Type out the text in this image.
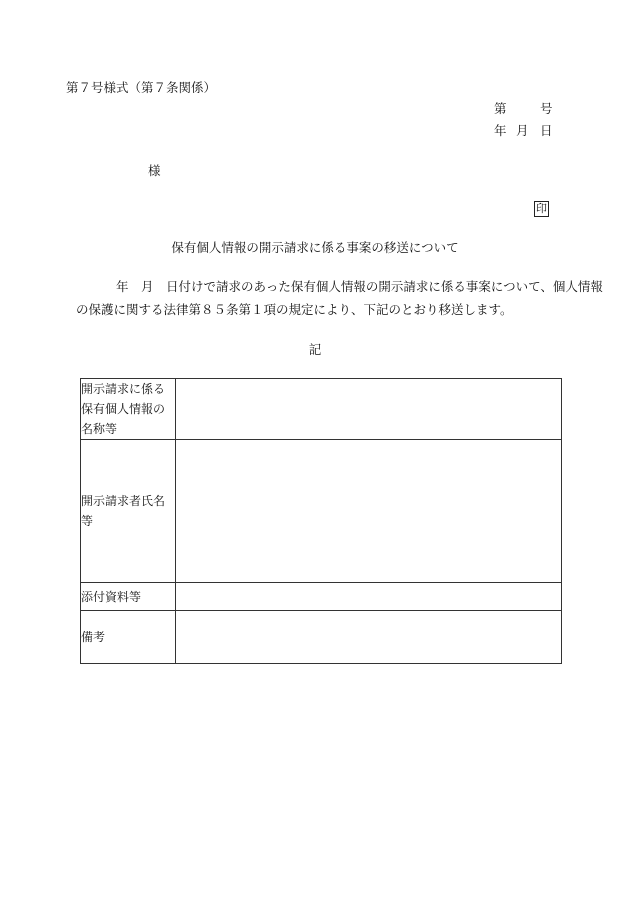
第７号様式（第７条関係）
第	号
年 月 日
様
印
保有個人情報の開示請求に係る事案の移送について
年　月　日付けで請求のあった保有個人情報の開示請求に係る事案について、個人情報
の保護に関する法律第８５条第１項の規定により、下記のとおり移送します。
記
開示請求に係る保有個人情報の名称等	
開示請求者氏名等	
添付資料等	
備考	
